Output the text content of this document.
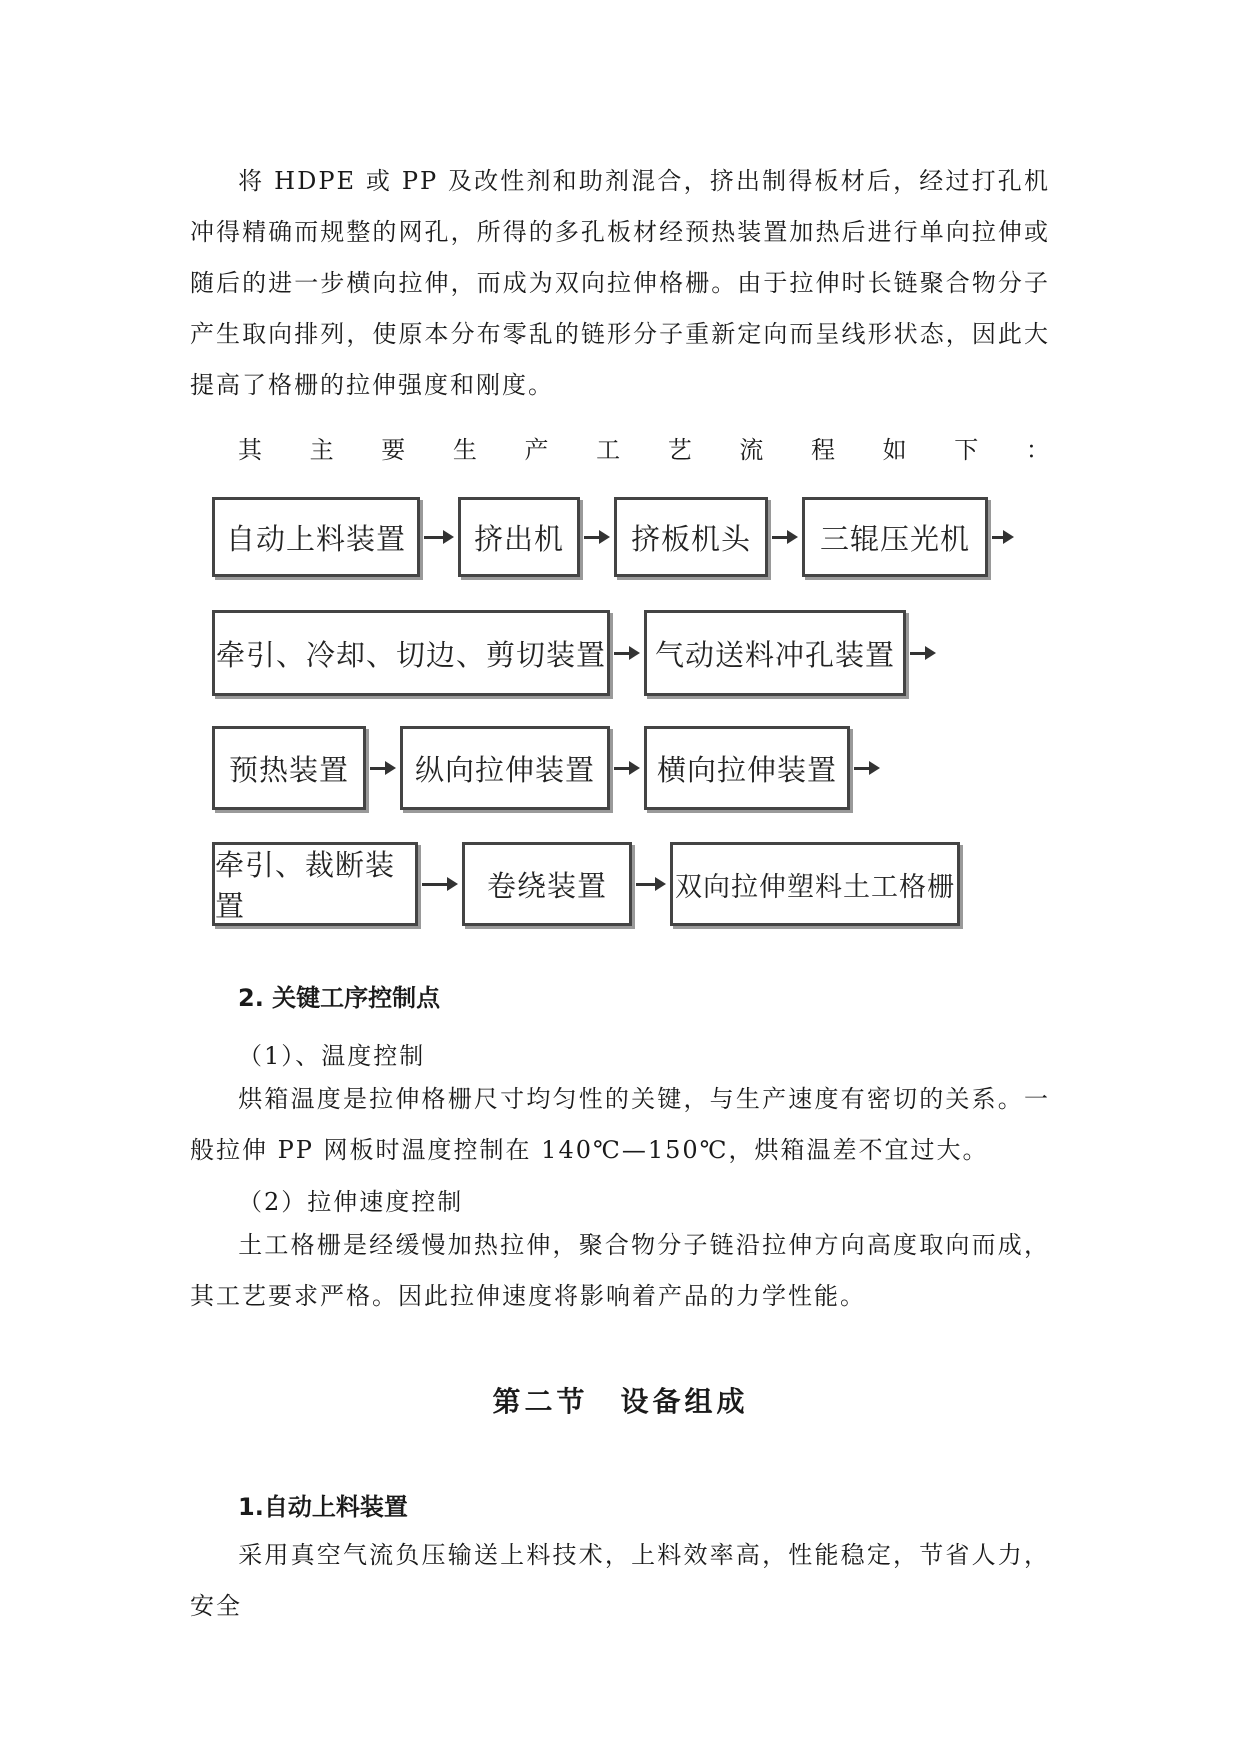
将 HDPE 或 PP 及改性剂和助剂混合，挤出制得板材后，经过打孔机冲得精确而规整的网孔，所得的多孔板材经预热装置加热后进行单向拉伸或随后的进一步横向拉伸，而成为双向拉伸格栅。由于拉伸时长链聚合物分子产生取向排列，使原本分布零乱的链形分子重新定向而呈线形状态，因此大提高了格栅的拉伸强度和刚度。

其 主 要 生 产 工 艺 流 程 如 下 ：

自动上料装置 挤出机 挤板机头 三辊压光机
牵引、冷却、切边、剪切装置 气动送料冲孔装置
预热装置 纵向拉伸装置 横向拉伸装置
牵引、裁断装置
卷绕装置	双向拉伸塑料土工格栅
2. 关键工序控制点

（1）、温度控制

烘箱温度是拉伸格栅尺寸均匀性的关键，与生产速度有密切的关系。一般拉伸 PP 网板时温度控制在 140℃—150℃，烘箱温差不宜过大。

（2）拉伸速度控制

土工格栅是经缓慢加热拉伸，聚合物分子链沿拉伸方向高度取向而成，其工艺要求严格。因此拉伸速度将影响着产品的力学性能。

第二节　设备组成
1.自动上料装置

采用真空气流负压输送上料技术，上料效率高，性能稳定，节省人力，安全
